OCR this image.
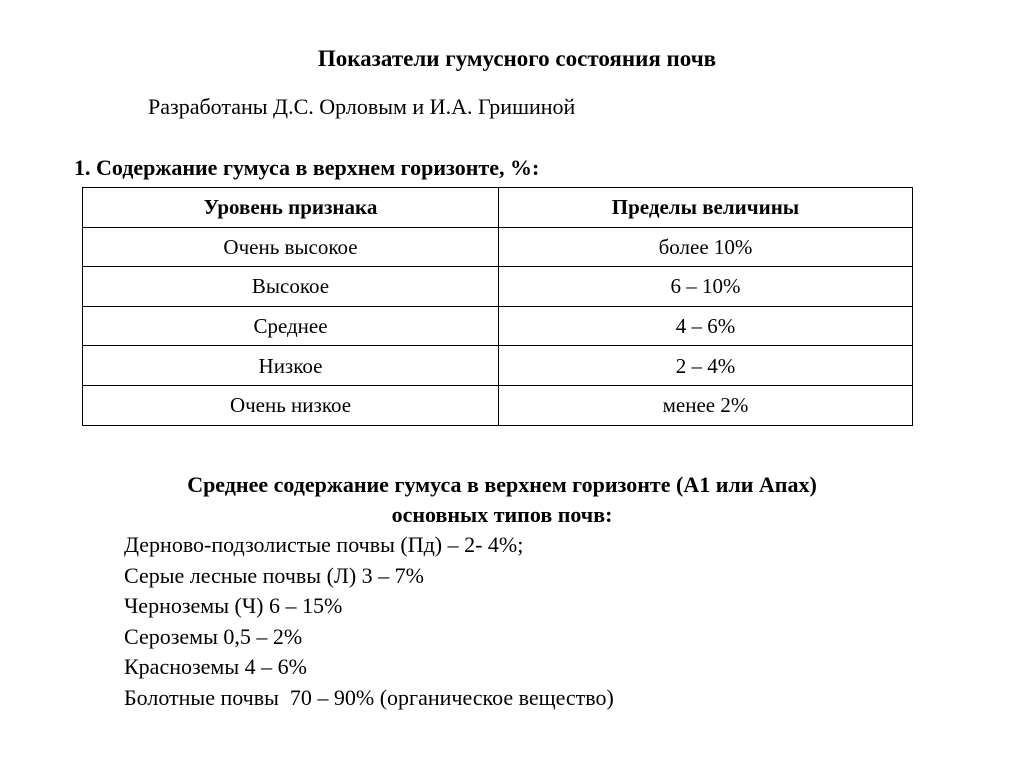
Показатели гумусного состояния почв
Разработаны Д.С. Орловым и И.А. Гришиной
1. Содержание гумуса в верхнем горизонте, %:
Уровень признака	Пределы величины
Очень высокое	более 10%
Высокое	6 – 10%
Среднее	4 – 6%
Низкое	2 – 4%
Очень низкое	менее 2%
Среднее содержание гумуса в верхнем горизонте (А1 или Апах)
основных типов почв:
Дерново-подзолистые почвы (Пд) – 2- 4%;
Серые лесные почвы (Л) 3 – 7%
Черноземы (Ч) 6 – 15%
Сероземы 0,5 – 2%
Красноземы 4 – 6%
Болотные почвы  70 – 90% (органическое вещество)
